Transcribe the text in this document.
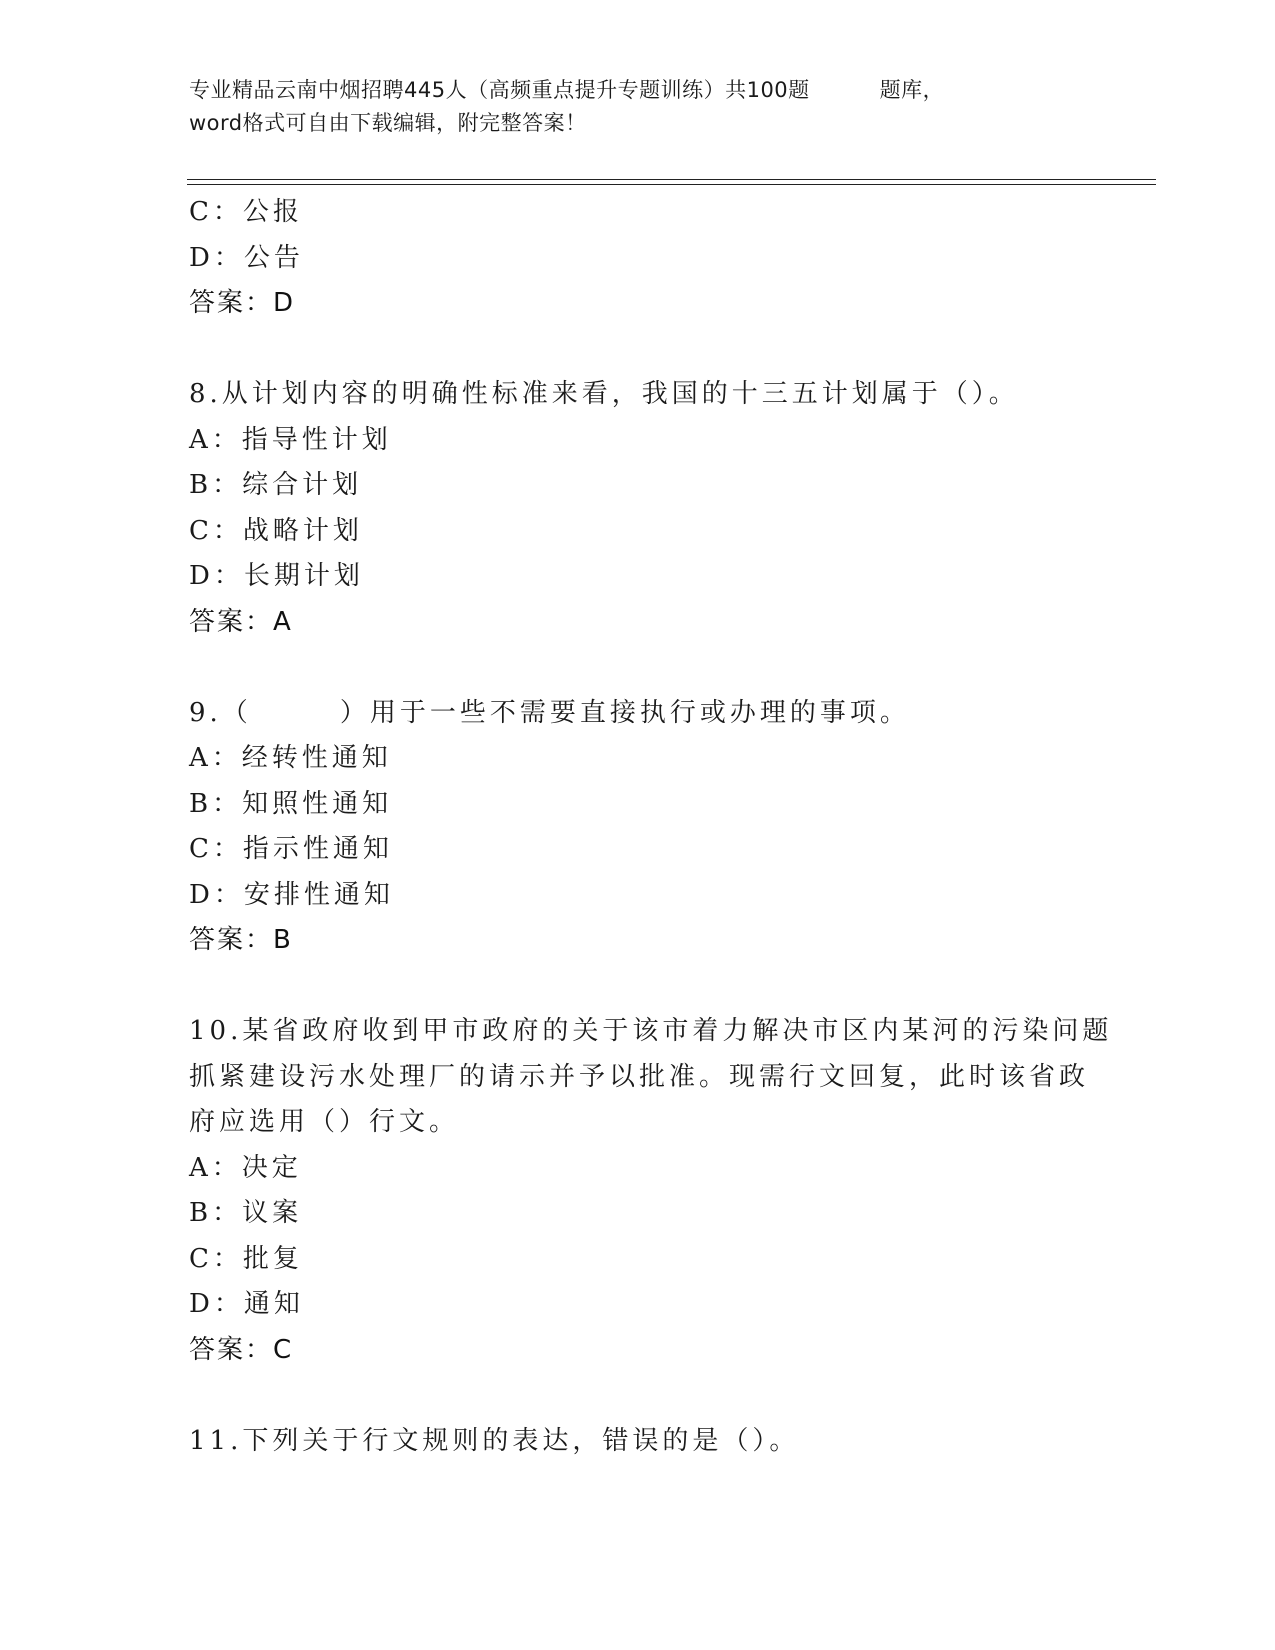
专业精品云南中烟招聘445人（高频重点提升专题训练）共100题	题库，
word格式可自由下载编辑，附完整答案！
C：公报
D：公告
答案：D
8.从计划内容的明确性标准来看，我国的十三五计划属于（）。
A：指导性计划
B：综合计划
C：战略计划
D：长期计划
答案：A
9.（	）用于一些不需要直接执行或办理的事项。
A：经转性通知
B：知照性通知
C：指示性通知
D：安排性通知
答案：B
10.某省政府收到甲市政府的关于该市着力解决市区内某河的污染问题
抓紧建设污水处理厂的请示并予以批准。现需行文回复，此时该省政
府应选用（）行文。
A：决定
B：议案
C：批复
D：通知
答案：C
11.下列关于行文规则的表达，错误的是（）。
